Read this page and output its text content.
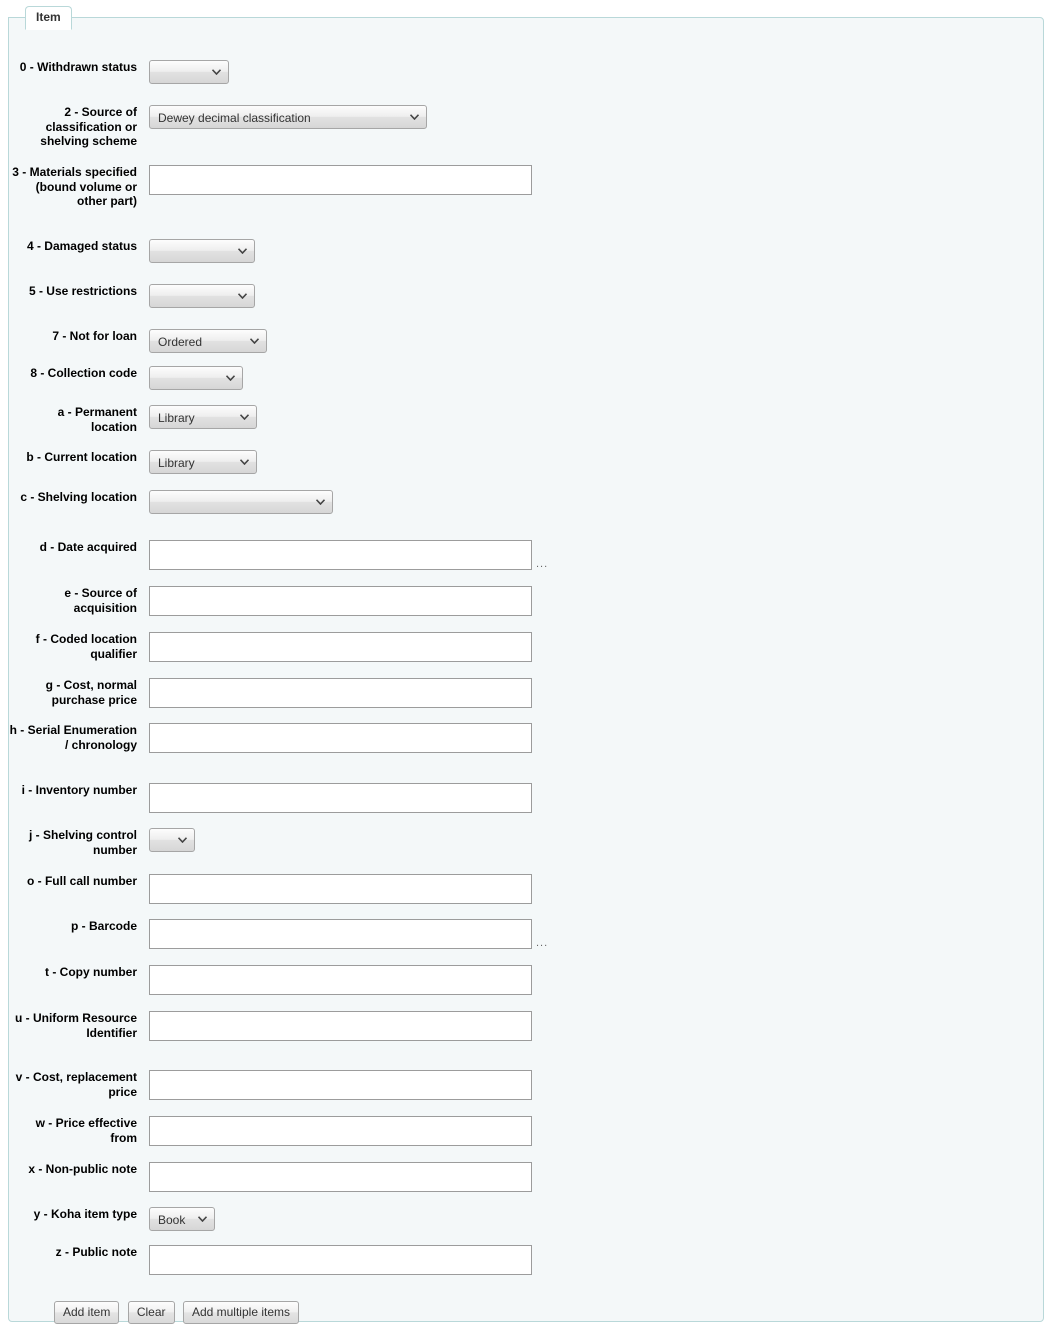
Item
0 - Withdrawn status
2 - Source of classification or shelving scheme
Dewey decimal classification
3 - Materials specified (bound volume or other part)
4 - Damaged status
5 - Use restrictions
7 - Not for loan
Ordered
8 - Collection code
a - Permanent location
Library
b - Current location
Library
c - Shelving location
d - Date acquired
...
e - Source of acquisition
f - Coded location qualifier
g - Cost, normal purchase price
h - Serial Enumeration / chronology
i - Inventory number
j - Shelving control number
o - Full call number
p - Barcode
...
t - Copy number
u - Uniform Resource Identifier
v - Cost, replacement price
w - Price effective from
x - Non-public note
y - Koha item type
Book
z - Public note
Add item Clear Add multiple items
